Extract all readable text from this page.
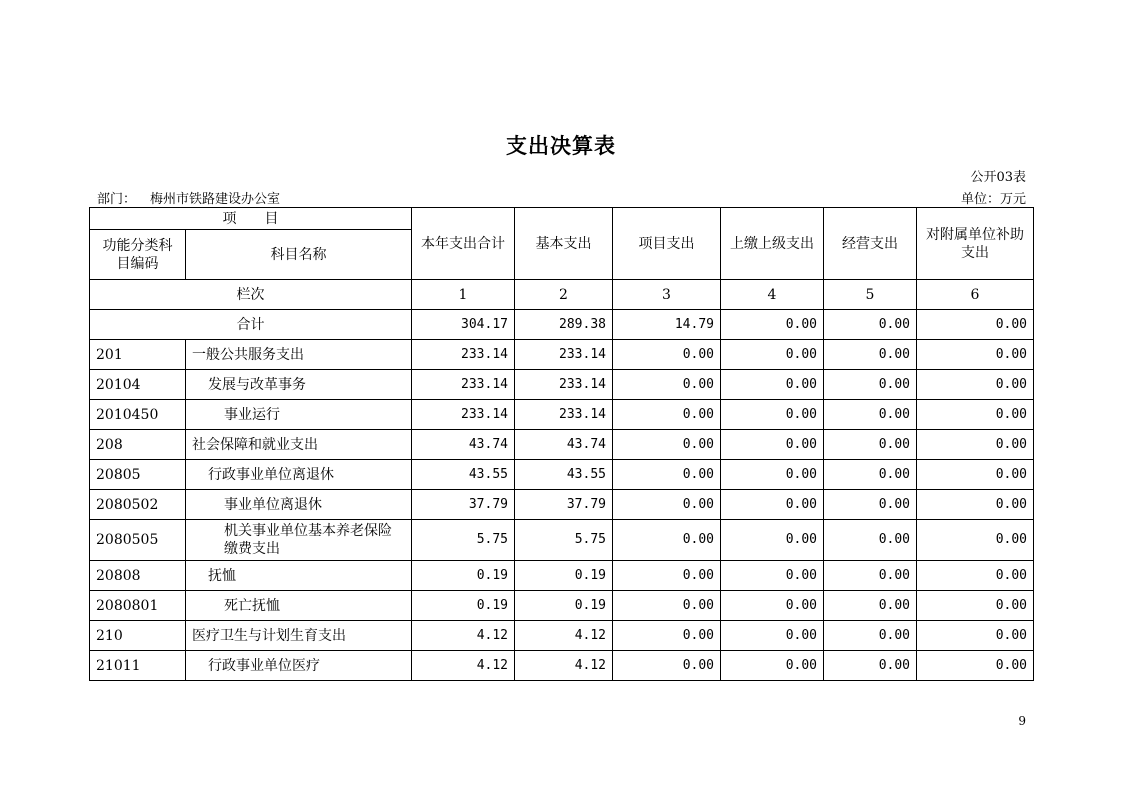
支出决算表
公开03表
部门： 梅州市铁路建设办公室	单位：万元
项　　目		本年支出合计	基本支出	项目支出	上缴上级支出	经营支出	对附属单位补助支出
功能分类科目编码	科目名称						
栏次		1	2	3	4	5	6
合计		304.17	289.38	14.79	0.00	0.00	0.00
201	一般公共服务支出	233.14	233.14	0.00	0.00	0.00	0.00
20104	发展与改革事务	233.14	233.14	0.00	0.00	0.00	0.00
2010450	事业运行	233.14	233.14	0.00	0.00	0.00	0.00
208	社会保障和就业支出	43.74	43.74	0.00	0.00	0.00	0.00
20805	行政事业单位离退休	43.55	43.55	0.00	0.00	0.00	0.00
2080502	事业单位离退休	37.79	37.79	0.00	0.00	0.00	0.00
2080505	机关事业单位基本养老保险缴费支出	5.75	5.75	0.00	0.00	0.00	0.00
20808	抚恤	0.19	0.19	0.00	0.00	0.00	0.00
2080801	死亡抚恤	0.19	0.19	0.00	0.00	0.00	0.00
210	医疗卫生与计划生育支出	4.12	4.12	0.00	0.00	0.00	0.00
21011	行政事业单位医疗	4.12	4.12	0.00	0.00	0.00	0.00
9
